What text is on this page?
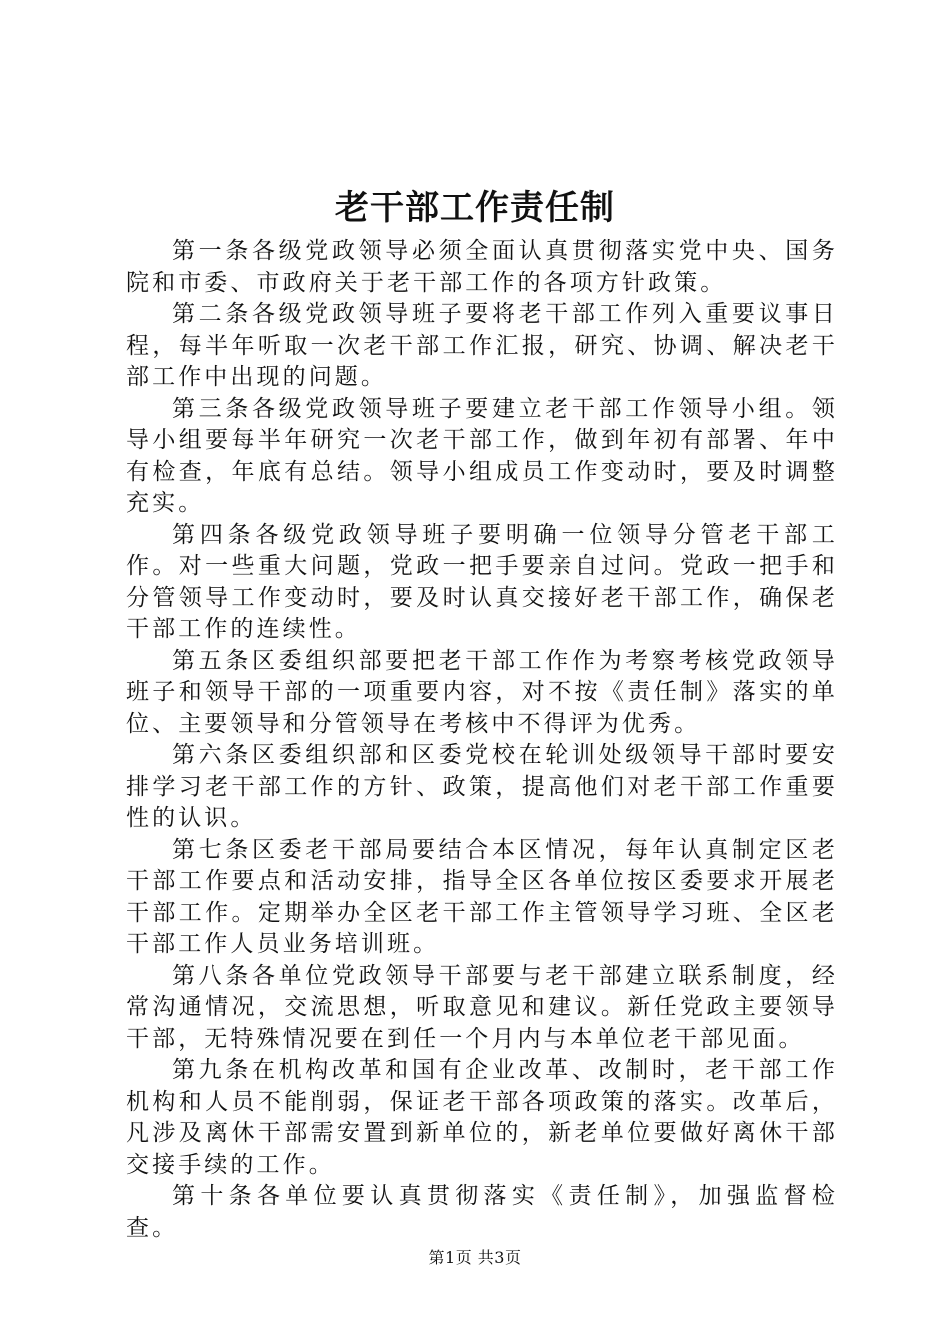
老干部工作责任制

第一条各级党政领导必须全面认真贯彻落实党中央、国务院和市委、市政府关于老干部工作的各项方针政策。

第二条各级党政领导班子要将老干部工作列入重要议事日程，每半年听取一次老干部工作汇报，研究、协调、解决老干部工作中出现的问题。

第三条各级党政领导班子要建立老干部工作领导小组。领导小组要每半年研究一次老干部工作，做到年初有部署、年中有检查，年底有总结。领导小组成员工作变动时，要及时调整充实。

第四条各级党政领导班子要明确一位领导分管老干部工作。对一些重大问题，党政一把手要亲自过问。党政一把手和分管领导工作变动时，要及时认真交接好老干部工作，确保老干部工作的连续性。

第五条区委组织部要把老干部工作作为考察考核党政领导班子和领导干部的一项重要内容，对不按《责任制》落实的单位、主要领导和分管领导在考核中不得评为优秀。

第六条区委组织部和区委党校在轮训处级领导干部时要安排学习老干部工作的方针、政策，提高他们对老干部工作重要性的认识。

第七条区委老干部局要结合本区情况，每年认真制定区老干部工作要点和活动安排，指导全区各单位按区委要求开展老干部工作。定期举办全区老干部工作主管领导学习班、全区老干部工作人员业务培训班。

第八条各单位党政领导干部要与老干部建立联系制度，经常沟通情况，交流思想，听取意见和建议。新任党政主要领导干部，无特殊情况要在到任一个月内与本单位老干部见面。

第九条在机构改革和国有企业改革、改制时，老干部工作机构和人员不能削弱，保证老干部各项政策的落实。改革后，凡涉及离休干部需安置到新单位的，新老单位要做好离休干部交接手续的工作。

第十条各单位要认真贯彻落实《责任制》，加强监督检查。

第1页 共3页
